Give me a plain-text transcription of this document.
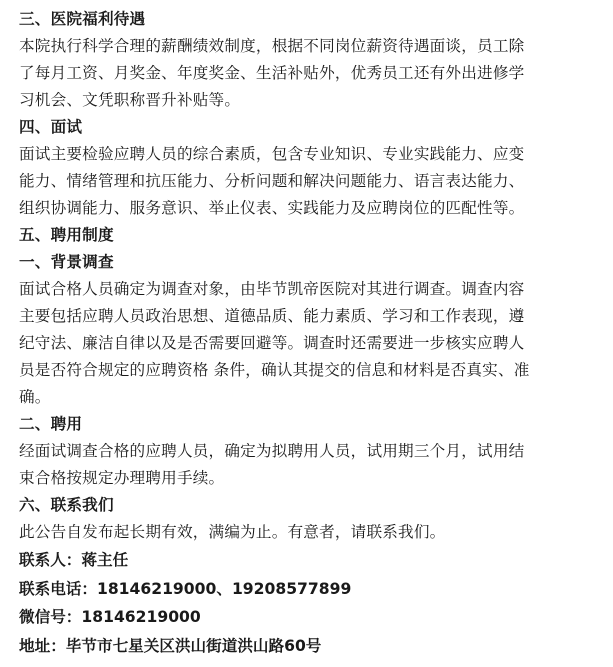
三、医院福利待遇
本院执行科学合理的薪酬绩效制度，根据不同岗位薪资待遇面谈，员工除
了每月工资、月奖金、年度奖金、生活补贴外，优秀员工还有外出进修学
习机会、文凭职称晋升补贴等。
四、面试
面试主要检验应聘人员的综合素质，包含专业知识、专业实践能力、应变
能力、情绪管理和抗压能力、分析问题和解决问题能力、语言表达能力、
组织协调能力、服务意识、举止仪表、实践能力及应聘岗位的匹配性等。
五、聘用制度
一、背景调查
面试合格人员确定为调查对象，由毕节凯帝医院对其进行调查。调查内容
主要包括应聘人员政治思想、道德品质、能力素质、学习和工作表现，遵
纪守法、廉洁自律以及是否需要回避等。调查时还需要进一步核实应聘人
员是否符合规定的应聘资格 条件，确认其提交的信息和材料是否真实、准
确。
二、聘用
经面试调查合格的应聘人员，确定为拟聘用人员，试用期三个月，试用结
束合格按规定办理聘用手续。
六、联系我们
此公告自发布起长期有效，满编为止。有意者，请联系我们。
联系人：蒋主任
联系电话：18146219000、19208577899
微信号：18146219000
地址：毕节市七星关区洪山街道洪山路60号
